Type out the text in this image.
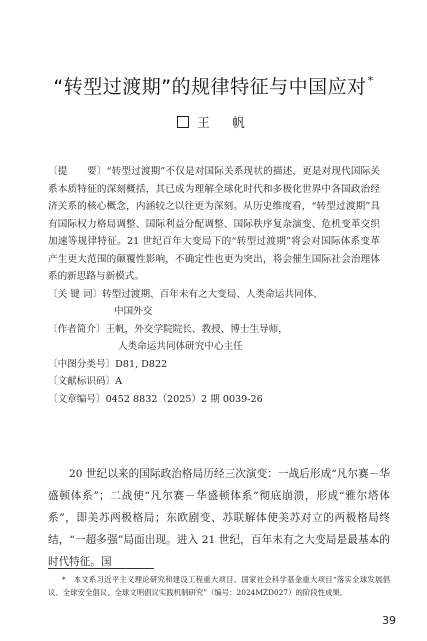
“转型过渡期”的规律特征与中国应对*
王　帆

〔提　　要〕“转型过渡期”不仅是对国际关系现状的描述，更是对现代国际关系本质特征的深刻概括，其已成为理解全球化时代和多极化世界中各国政治经济关系的核心概念，内涵较之以往更为深刻。从历史维度看，“转型过渡期”具有国际权力格局调整、国际利益分配调整、国际秩序复杂演变、危机变革交织加速等规律特征。21 世纪百年大变局下的“转型过渡期”将会对国际体系变革产生更大范围的颠覆性影响，不确定性也更为突出，将会催生国际社会治理体系的新思路与新模式。

〔关 键 词〕转型过渡期、百年未有之大变局、人类命运共同体、

中国外交

〔作者简介〕王帆，外交学院院长、教授、博士生导师，

人类命运共同体研究中心主任

〔中图分类号〕D81, D822

〔文献标识码〕A

〔文章编号〕0452 8832（2025）2 期 0039-26

20 世纪以来的国际政治格局历经三次演变：一战后形成“凡尔赛－华盛顿体系”；二战使“凡尔赛－华盛顿体系”彻底崩溃，形成“雅尔塔体系”，即美苏两极格局；东欧剧变、苏联解体使美苏对立的两极格局终结，“一超多强”局面出现。进入 21 世纪，百年未有之大变局是最基本的时代特征。国

*　 本文系习近平主义理论研究和建设工程重大项目、国家社会科学基金重大项目“落实全球发展倡议、全球安全倡议、全球文明倡议实践机制研究”（编号：2024MZD027）的阶段性成果。
39
